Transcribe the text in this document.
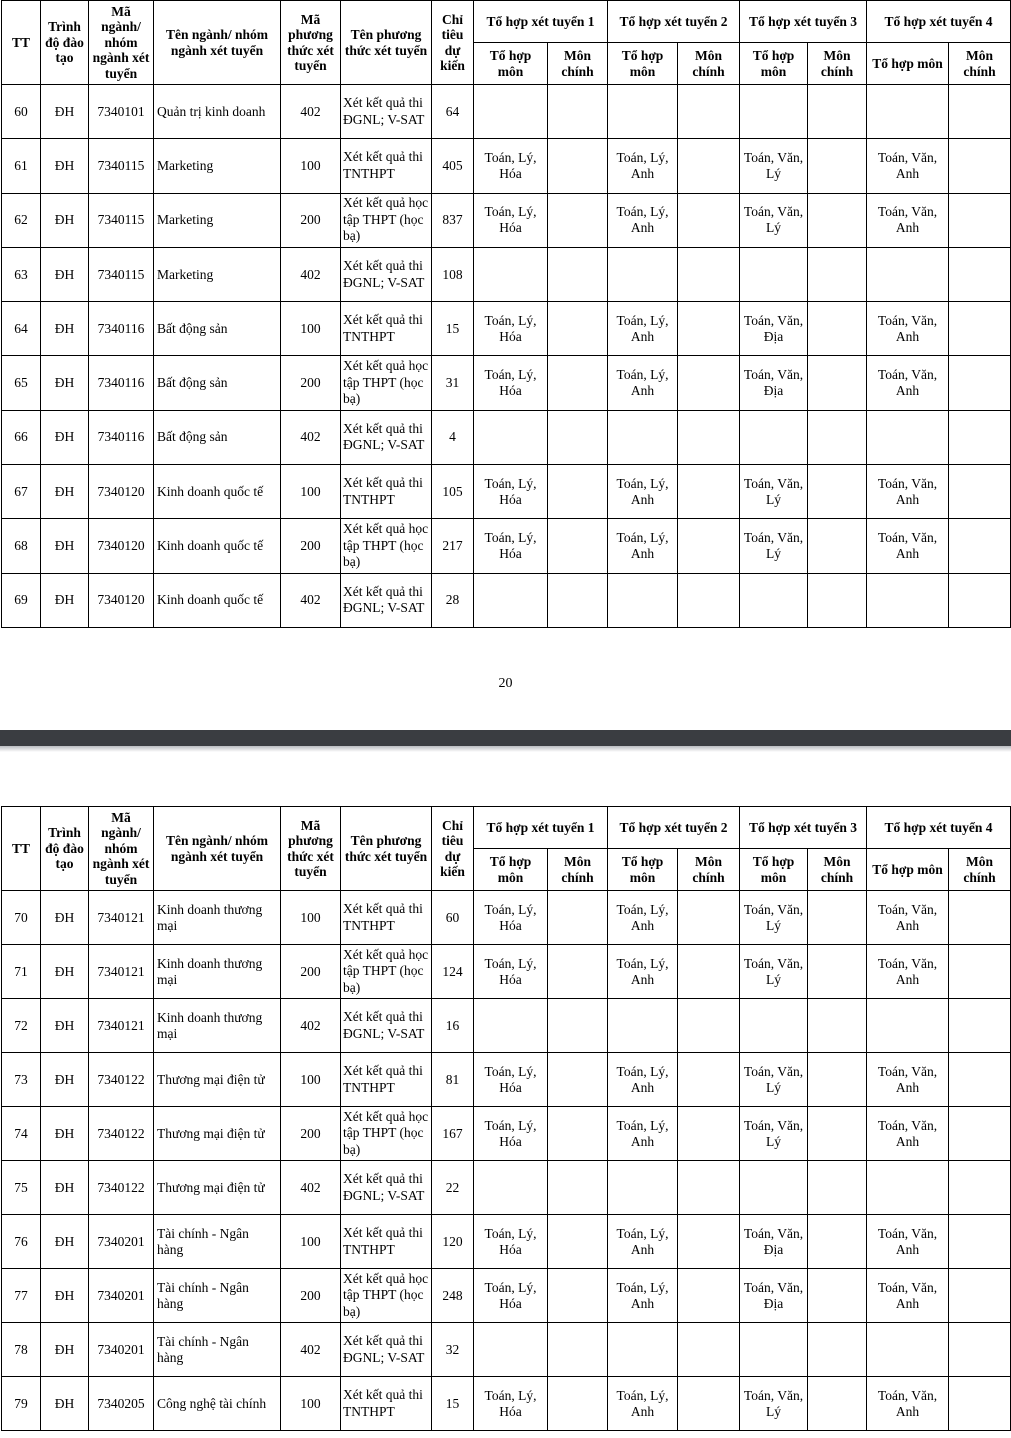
TT	Trình độ đào tạo	Mã ngành/ nhóm ngành xét tuyển	Tên ngành/ nhóm ngành xét tuyển	Mã phương thức xét tuyển	Tên phương thức xét tuyển	Chỉ tiêu dự kiến	Tổ hợp xét tuyển 1		Tổ hợp xét tuyển 2		Tổ hợp xét tuyển 3		Tổ hợp xét tuyển 4	
							Tổ hợp môn	Môn chính	Tổ hợp môn	Môn chính	Tổ hợp môn	Môn chính	Tổ hợp môn	Môn chính
60	ĐH	7340101	Quản trị kinh doanh	402	Xét kết quả thi ĐGNL; V-SAT	64								
61	ĐH	7340115	Marketing	100	Xét kết quả thi TNTHPT	405	Toán, Lý, Hóa		Toán, Lý, Anh		Toán, Văn, Lý		Toán, Văn, Anh	
62	ĐH	7340115	Marketing	200	Xét kết quả học tập THPT (học bạ)	837	Toán, Lý, Hóa		Toán, Lý, Anh		Toán, Văn, Lý		Toán, Văn, Anh	
63	ĐH	7340115	Marketing	402	Xét kết quả thi ĐGNL; V-SAT	108								
64	ĐH	7340116	Bất động sản	100	Xét kết quả thi TNTHPT	15	Toán, Lý, Hóa		Toán, Lý, Anh		Toán, Văn, Địa		Toán, Văn, Anh	
65	ĐH	7340116	Bất động sản	200	Xét kết quả học tập THPT (học bạ)	31	Toán, Lý, Hóa		Toán, Lý, Anh		Toán, Văn, Địa		Toán, Văn, Anh	
66	ĐH	7340116	Bất động sản	402	Xét kết quả thi ĐGNL; V-SAT	4								
67	ĐH	7340120	Kinh doanh quốc tế	100	Xét kết quả thi TNTHPT	105	Toán, Lý, Hóa		Toán, Lý, Anh		Toán, Văn, Lý		Toán, Văn, Anh	
68	ĐH	7340120	Kinh doanh quốc tế	200	Xét kết quả học tập THPT (học bạ)	217	Toán, Lý, Hóa		Toán, Lý, Anh		Toán, Văn, Lý		Toán, Văn, Anh	
69	ĐH	7340120	Kinh doanh quốc tế	402	Xét kết quả thi ĐGNL; V-SAT	28								
20
TT	Trình độ đào tạo	Mã ngành/ nhóm ngành xét tuyển	Tên ngành/ nhóm ngành xét tuyển	Mã phương thức xét tuyển	Tên phương thức xét tuyển	Chỉ tiêu dự kiến	Tổ hợp xét tuyển 1		Tổ hợp xét tuyển 2		Tổ hợp xét tuyển 3		Tổ hợp xét tuyển 4	
							Tổ hợp môn	Môn chính	Tổ hợp môn	Môn chính	Tổ hợp môn	Môn chính	Tổ hợp môn	Môn chính
70	ĐH	7340121	Kinh doanh thương mại	100	Xét kết quả thi TNTHPT	60	Toán, Lý, Hóa		Toán, Lý, Anh		Toán, Văn, Lý		Toán, Văn, Anh	
71	ĐH	7340121	Kinh doanh thương mại	200	Xét kết quả học tập THPT (học bạ)	124	Toán, Lý, Hóa		Toán, Lý, Anh		Toán, Văn, Lý		Toán, Văn, Anh	
72	ĐH	7340121	Kinh doanh thương mại	402	Xét kết quả thi ĐGNL; V-SAT	16								
73	ĐH	7340122	Thương mại điện tử	100	Xét kết quả thi TNTHPT	81	Toán, Lý, Hóa		Toán, Lý, Anh		Toán, Văn, Lý		Toán, Văn, Anh	
74	ĐH	7340122	Thương mại điện tử	200	Xét kết quả học tập THPT (học bạ)	167	Toán, Lý, Hóa		Toán, Lý, Anh		Toán, Văn, Lý		Toán, Văn, Anh	
75	ĐH	7340122	Thương mại điện tử	402	Xét kết quả thi ĐGNL; V-SAT	22								
76	ĐH	7340201	Tài chính - Ngân hàng	100	Xét kết quả thi TNTHPT	120	Toán, Lý, Hóa		Toán, Lý, Anh		Toán, Văn, Địa		Toán, Văn, Anh	
77	ĐH	7340201	Tài chính - Ngân hàng	200	Xét kết quả học tập THPT (học bạ)	248	Toán, Lý, Hóa		Toán, Lý, Anh		Toán, Văn, Địa		Toán, Văn, Anh	
78	ĐH	7340201	Tài chính - Ngân hàng	402	Xét kết quả thi ĐGNL; V-SAT	32								
79	ĐH	7340205	Công nghệ tài chính	100	Xét kết quả thi TNTHPT	15	Toán, Lý, Hóa		Toán, Lý, Anh		Toán, Văn, Lý		Toán, Văn, Anh	
